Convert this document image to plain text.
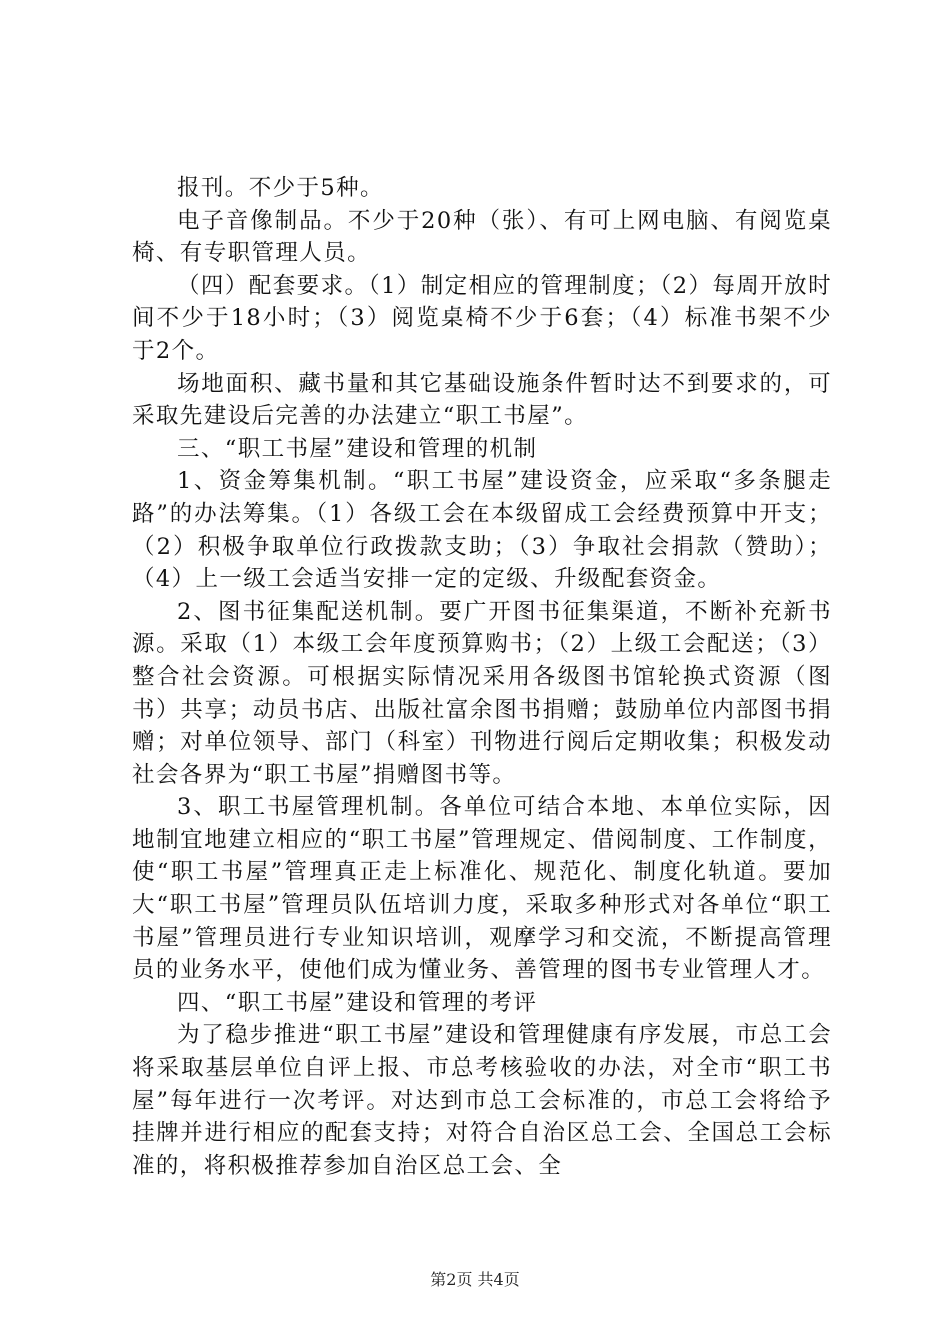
报刊。不少于5种。

电子音像制品。不少于20种（张）、有可上网电脑、有阅览桌椅、有专职管理人员。

（四）配套要求。（1）制定相应的管理制度；（2）每周开放时间不少于18小时；（3）阅览桌椅不少于6套；（4）标准书架不少于2个。

场地面积、藏书量和其它基础设施条件暂时达不到要求的，可采取先建设后完善的办法建立“职工书屋”。

三、“职工书屋”建设和管理的机制

1、资金筹集机制。“职工书屋”建设资金，应采取“多条腿走路”的办法筹集。（1）各级工会在本级留成工会经费预算中开支；（2）积极争取单位行政拨款支助；（3）争取社会捐款（赞助）；（4）上一级工会适当安排一定的定级、升级配套资金。

2、图书征集配送机制。要广开图书征集渠道，不断补充新书源。采取（1）本级工会年度预算购书；（2）上级工会配送；（3）整合社会资源。可根据实际情况采用各级图书馆轮换式资源（图书）共享；动员书店、出版社富余图书捐赠；鼓励单位内部图书捐赠；对单位领导、部门（科室）刊物进行阅后定期收集；积极发动社会各界为“职工书屋”捐赠图书等。

3、职工书屋管理机制。各单位可结合本地、本单位实际，因地制宜地建立相应的“职工书屋”管理规定、借阅制度、工作制度，使“职工书屋”管理真正走上标准化、规范化、制度化轨道。要加大“职工书屋”管理员队伍培训力度，采取多种形式对各单位“职工书屋”管理员进行专业知识培训，观摩学习和交流，不断提高管理员的业务水平，使他们成为懂业务、善管理的图书专业管理人才。

四、“职工书屋”建设和管理的考评

为了稳步推进“职工书屋”建设和管理健康有序发展，市总工会将采取基层单位自评上报、市总考核验收的办法，对全市“职工书屋”每年进行一次考评。对达到市总工会标准的，市总工会将给予挂牌并进行相应的配套支持；对符合自治区总工会、全国总工会标准的，将积极推荐参加自治区总工会、全

第2页 共4页
